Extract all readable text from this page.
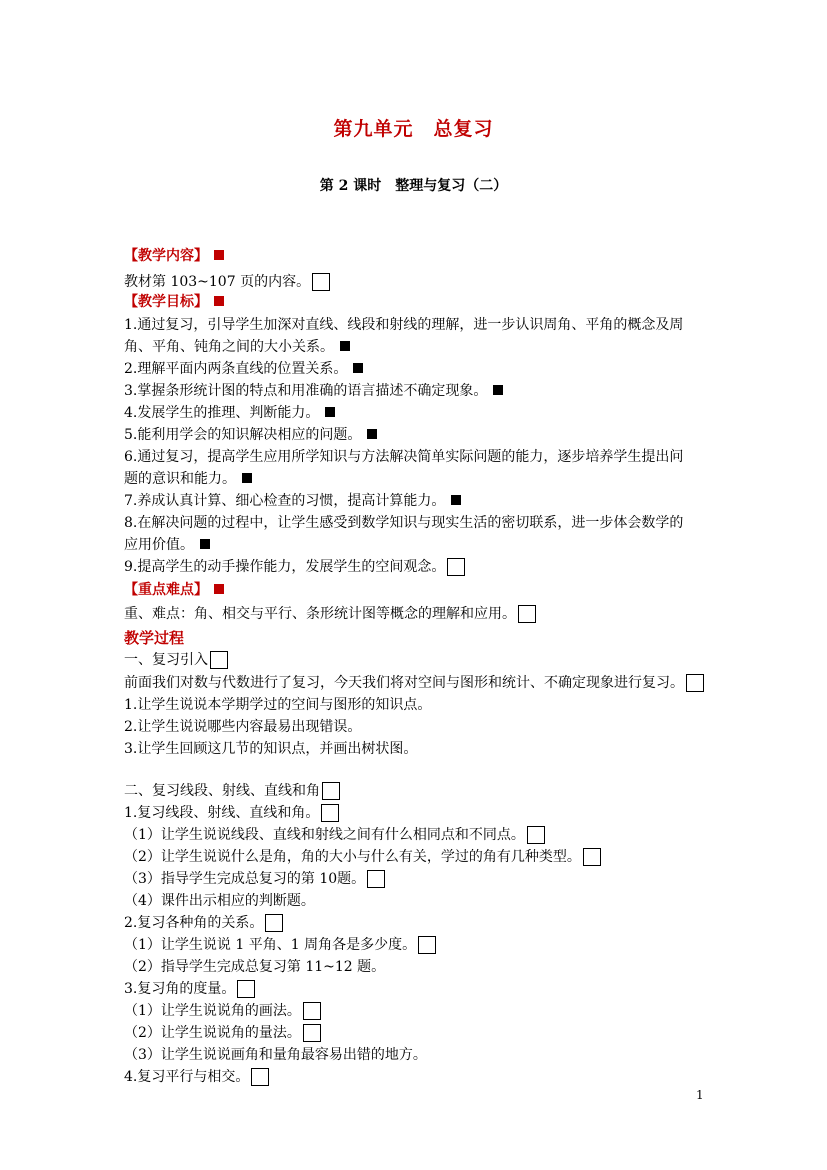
第九单元　总复习
第 2 课时　整理与复习（二）
【教学内容】
教材第 103~107 页的内容。
【教学目标】
1.通过复习，引导学生加深对直线、线段和射线的理解，进一步认识周角、平角的概念及周
角、平角、钝角之间的大小关系。
2.理解平面内两条直线的位置关系。
3.掌握条形统计图的特点和用准确的语言描述不确定现象。
4.发展学生的推理、判断能力。
5.能利用学会的知识解决相应的问题。
6.通过复习，提高学生应用所学知识与方法解决简单实际问题的能力，逐步培养学生提出问
题的意识和能力。
7.养成认真计算、细心检查的习惯，提高计算能力。
8.在解决问题的过程中，让学生感受到数学知识与现实生活的密切联系，进一步体会数学的
应用价值。
9.提高学生的动手操作能力，发展学生的空间观念。
【重点难点】
重、难点：角、相交与平行、条形统计图等概念的理解和应用。
教学过程
一、复习引入
前面我们对数与代数进行了复习，今天我们将对空间与图形和统计、不确定现象进行复习。
1.让学生说说本学期学过的空间与图形的知识点。
2.让学生说说哪些内容最易出现错误。
3.让学生回顾这几节的知识点，并画出树状图。
二、复习线段、射线、直线和角
1.复习线段、射线、直线和角。
（1）让学生说说线段、直线和射线之间有什么相同点和不同点。
（2）让学生说说什么是角，角的大小与什么有关，学过的角有几种类型。
（3）指导学生完成总复习的第 10题。
（4）课件出示相应的判断题。
2.复习各种角的关系。
（1）让学生说说 1 平角、1 周角各是多少度。
（2）指导学生完成总复习第 11~12 题。
3.复习角的度量。
（1）让学生说说角的画法。
（2）让学生说说角的量法。
（3）让学生说说画角和量角最容易出错的地方。
4.复习平行与相交。
1
